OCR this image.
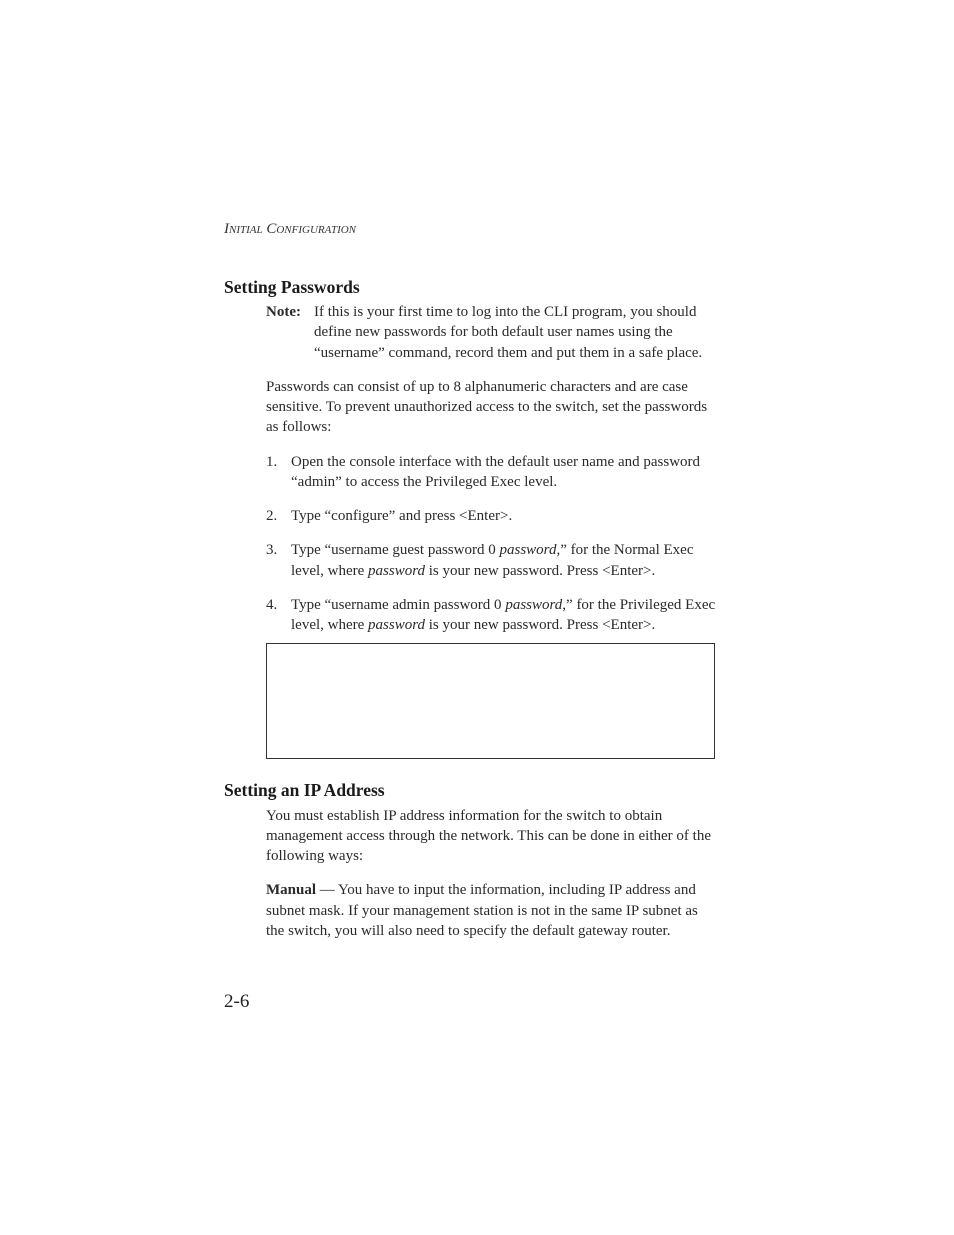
Initial Configuration
Setting Passwords
Note: If this is your first time to log into the CLI program, you should
define new passwords for both default user names using the
“username” command, record them and put them in a safe place.
Passwords can consist of up to 8 alphanumeric characters and are case
sensitive. To prevent unauthorized access to the switch, set the passwords
as follows:
1. Open the console interface with the default user name and password
“admin” to access the Privileged Exec level.
2. Type “configure” and press <Enter>.
3. Type “username guest password 0 password,” for the Normal Exec
level, where password is your new password. Press <Enter>.
4. Type “username admin password 0 password,” for the Privileged Exec
level, where password is your new password. Press <Enter>.
Setting an IP Address
You must establish IP address information for the switch to obtain
management access through the network. This can be done in either of the
following ways:
Manual — You have to input the information, including IP address and
subnet mask. If your management station is not in the same IP subnet as
the switch, you will also need to specify the default gateway router.
2-6
